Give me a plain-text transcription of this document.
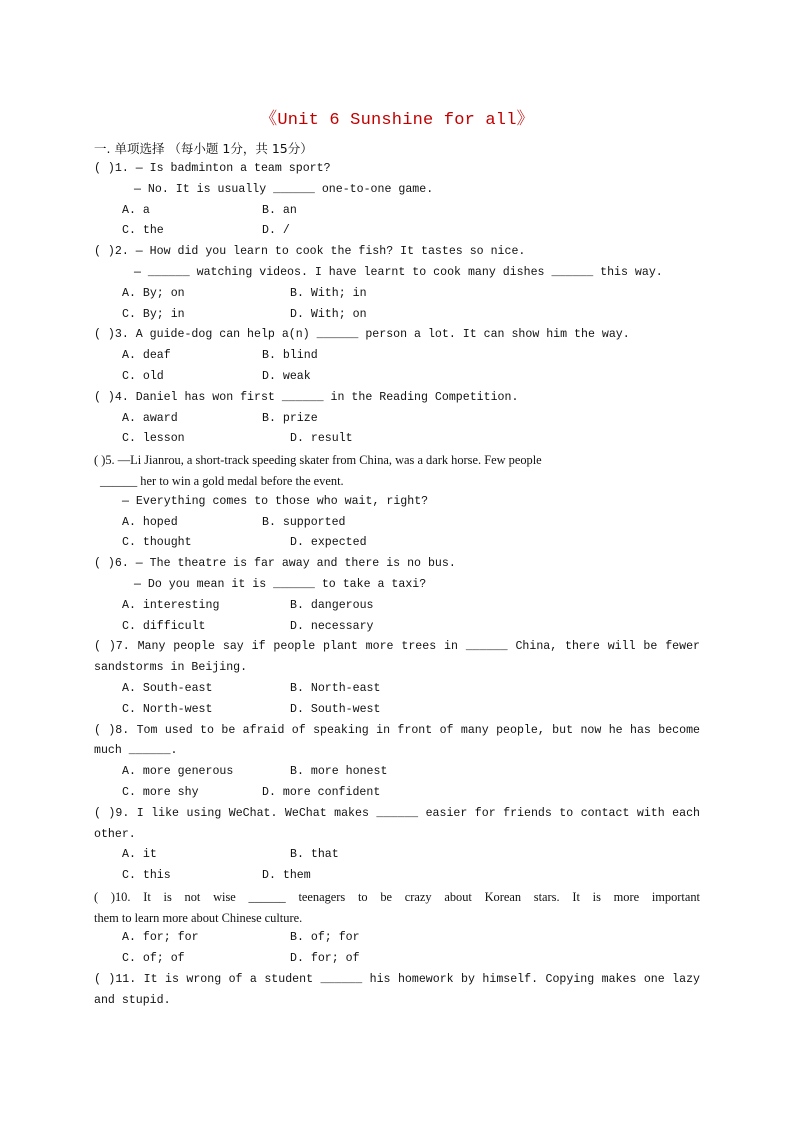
《Unit 6 Sunshine for all》
一. 单项选择 （每小题 1分，共 15分）
( )1. — Is badminton a team sport?
— No. It is usually ______ one-to-one game.
A. a	B. an
C. the	D. /
( )2. — How did you learn to cook the fish? It tastes so nice.
— ______ watching videos. I have learnt to cook many dishes ______ this way.
A. By; on	B. With; in
C. By; in	D. With; on
( )3. A guide-dog can help a(n) ______ person a lot. It can show him the way.
A. deaf	B. blind
C. old	D. weak
( )4. Daniel has won first ______ in the Reading Competition.
A. award	B. prize
C. lesson	D. result
( )5. —Li Jianrou, a short-track speeding skater from China, was a dark horse. Few people
______ her to win a gold medal before the event.
— Everything comes to those who wait, right?
A. hoped	B. supported
C. thought	D. expected
( )6. — The theatre is far away and there is no bus.
— Do you mean it is ______ to take a taxi?
A. interesting	B. dangerous
C. difficult	D. necessary
( )7. Many people say if people plant more trees in ______ China, there will be fewer
sandstorms in Beijing.
A. South-east	B. North-east
C. North-west	D. South-west
( )8. Tom used to be afraid of speaking in front of many people, but now he has become
much ______.
A. more generous	B. more honest
C. more shy	D. more confident
( )9. I like using WeChat. WeChat makes ______ easier for friends to contact with each
other.
A. it	B. that
C. this	D. them
( )10. It is not wise ______ teenagers to be crazy about Korean stars. It is more important
them to learn more about Chinese culture.
A. for; for	B. of; for
C. of; of	D. for; of
( )11. It is wrong of a student ______ his homework by himself. Copying makes one lazy
and stupid.
